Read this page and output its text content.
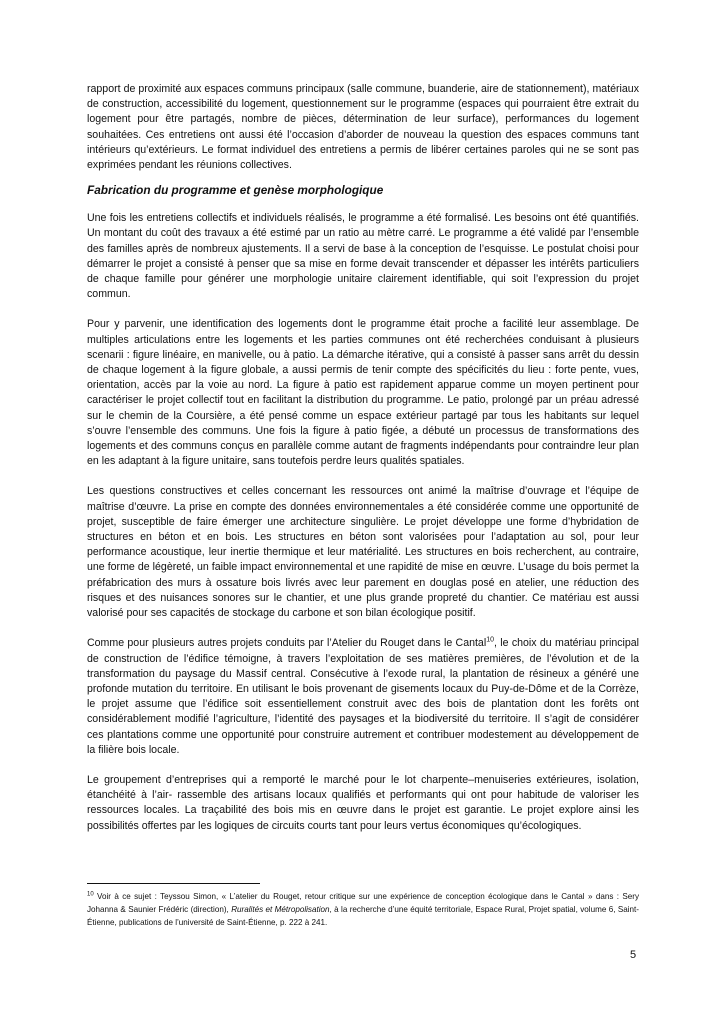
rapport de proximité aux espaces communs principaux (salle commune, buanderie, aire de stationnement), matériaux de construction, accessibilité du logement, questionnement sur le programme (espaces qui pourraient être extrait du logement pour être partagés, nombre de pièces, détermination de leur surface), performances du logement souhaitées. Ces entretiens ont aussi été l’occasion d’aborder de nouveau la question des espaces communs tant intérieurs qu’extérieurs. Le format individuel des entretiens a permis de libérer certaines paroles qui ne se sont pas exprimées pendant les réunions collectives.

Fabrication du programme et genèse morphologique

Une fois les entretiens collectifs et individuels réalisés, le programme a été formalisé. Les besoins ont été quantifiés. Un montant du coût des travaux a été estimé par un ratio au mètre carré. Le programme a été validé par l’ensemble des familles après de nombreux ajustements. Il a servi de base à la conception de l’esquisse. Le postulat choisi pour démarrer le projet a consisté à penser que sa mise en forme devait transcender et dépasser les intérêts particuliers de chaque famille pour générer une morphologie unitaire clairement identifiable, qui soit l’expression du projet commun.

Pour y parvenir, une identification des logements dont le programme était proche a facilité leur assemblage. De multiples articulations entre les logements et les parties communes ont été recherchées conduisant à plusieurs scenarii : figure linéaire, en manivelle, ou à patio. La démarche itérative, qui a consisté à passer sans arrêt du dessin de chaque logement à la figure globale, a aussi permis de tenir compte des spécificités du lieu : forte pente, vues, orientation, accès par la voie au nord. La figure à patio est rapidement apparue comme un moyen pertinent pour caractériser le projet collectif tout en facilitant la distribution du programme. Le patio, prolongé par un préau adressé sur le chemin de la Coursière, a été pensé comme un espace extérieur partagé par tous les habitants sur lequel s’ouvre l’ensemble des communs. Une fois la figure à patio figée, a débuté un processus de transformations des logements et des communs conçus en parallèle comme autant de fragments indépendants pour contraindre leur plan en les adaptant à la figure unitaire, sans toutefois perdre leurs qualités spatiales.

Les questions constructives et celles concernant les ressources ont animé la maîtrise d’ouvrage et l’équipe de maîtrise d’œuvre. La prise en compte des données environnementales a été considérée comme une opportunité de projet, susceptible de faire émerger une architecture singulière. Le projet développe une forme d’hybridation de structures en béton et en bois. Les structures en béton sont valorisées pour l’adaptation au sol, pour leur performance acoustique, leur inertie thermique et leur matérialité. Les structures en bois recherchent, au contraire, une forme de légèreté, un faible impact environnemental et une rapidité de mise en œuvre. L’usage du bois permet la préfabrication des murs à ossature bois livrés avec leur parement en douglas posé en atelier, une réduction des risques et des nuisances sonores sur le chantier, et une plus grande propreté du chantier. Ce matériau est aussi valorisé pour ses capacités de stockage du carbone et son bilan écologique positif.

Comme pour plusieurs autres projets conduits par l’Atelier du Rouget dans le Cantal$^{10}$, le choix du matériau principal de construction de l’édifice témoigne, à travers l’exploitation de ses matières premières, de l’évolution et de la transformation du paysage du Massif central. Consécutive à l’exode rural, la plantation de résineux a généré une profonde mutation du territoire. En utilisant le bois provenant de gisements locaux du Puy-de-Dôme et de la Corrèze, le projet assume que l’édifice soit essentiellement construit avec des bois de plantation dont les forêts ont considérablement modifié l’agriculture, l’identité des paysages et la biodiversité du territoire. Il s’agit de considérer ces plantations comme une opportunité pour construire autrement et contribuer modestement au développement de la filière bois locale.

Le groupement d’entreprises qui a remporté le marché pour le lot charpente–menuiseries extérieures, isolation, étanchéité à l’air‑ rassemble des artisans locaux qualifiés et performants qui ont pour habitude de valoriser les ressources locales. La traçabilité des bois mis en œuvre dans le projet est garantie. Le projet explore ainsi les possibilités offertes par les logiques de circuits courts tant pour leurs vertus économiques qu’écologiques.

$^{10}$ Voir à ce sujet : Teyssou Simon, « L’atelier du Rouget, retour critique sur une expérience de conception écologique dans le Cantal » dans : Sery Johanna & Saunier Frédéric (direction), Ruralités et Métropolisation, à la recherche d’une équité territoriale, Espace Rural, Projet spatial, volume 6, Saint-Étienne, publications de l’université de Saint-Étienne, p. 222 à 241.
5
